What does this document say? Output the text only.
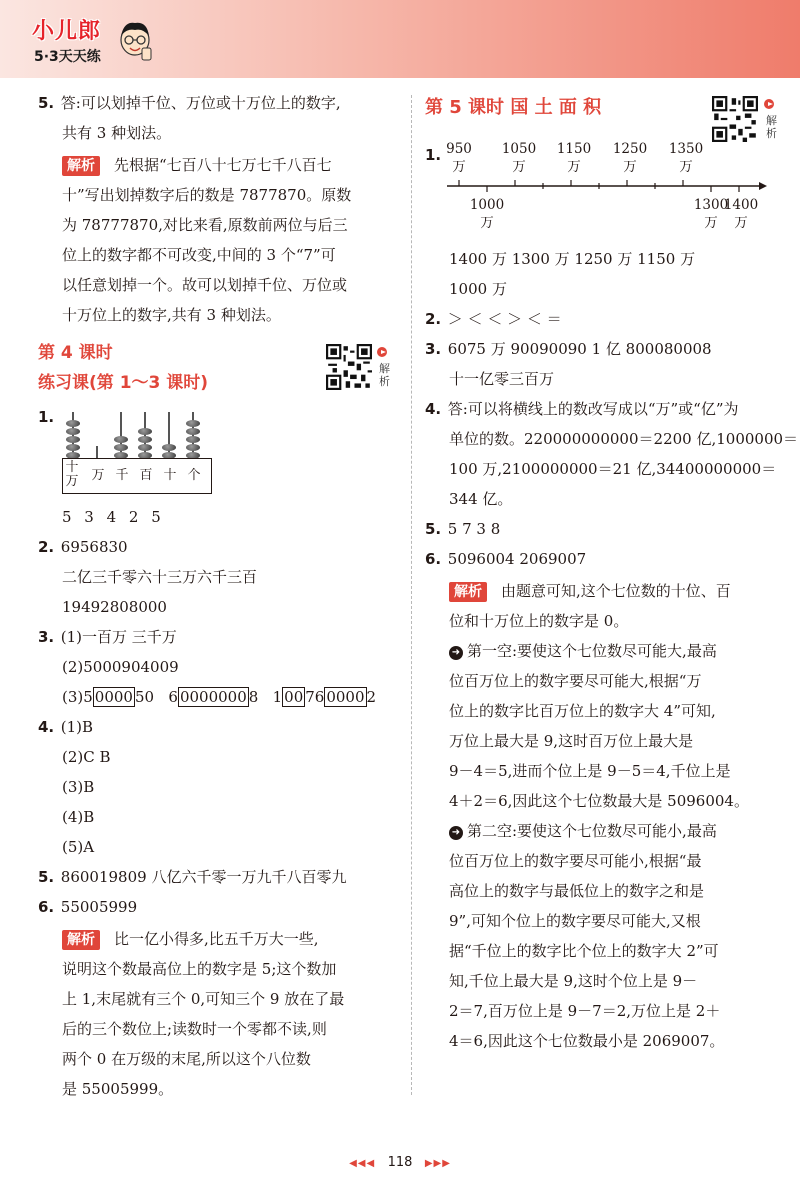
小儿郎
5·3天天练
5. 答:可以划掉千位、万位或十万位上的数字,
共有 3 种划法。
解析 先根据“七百八十七万七千八百七
十”写出划掉数字后的数是 7877870。原数
为 78777870,对比来看,原数前两位与后三
位上的数字都不可改变,中间的 3 个“7”可
以任意划掉一个。故可以划掉千位、万位或
十万位上的数字,共有 3 种划法。
第 4 课时
练习课(第 1～3 课时)
1.
十万 万 千 百 十 个
5 3 4 2 5
2. 6956830
二亿三千零六十三万六千三百
19492808000
3. (1)一百万 三千万
(2)5000904009
(3)5 0000 50 6 0000000 8 1 00 76 0000 2
4. (1)B
(2)C B
(3)B
(4)B
(5)A
5. 860019809 八亿六千零一万九千八百零九
6. 55005999
解析 比一亿小得多,比五千万大一些,
说明这个数最高位上的数字是 5;这个数加
上 1,末尾就有三个 0,可知三个 9 放在了最
后的三个数位上;读数时一个零都不读,则
两个 0 在万级的末尾,所以这个八位数
是 55005999。
解析
第 5 课时 国 土 面 积
1. 950
万
1050
万
1150
万
1250
万
1350
万
1000
万
1300
万
1400
万
1400 万 1300 万 1250 万 1150 万
1000 万
2. ＞ ＜ ＜ ＞ ＜ ＝
3. 6075 万 90090090 1 亿 800080008
十一亿零三百万
4. 答:可以将横线上的数改写成以“万”或“亿”为
单位的数。220000000000＝2200 亿,1000000＝
100 万,2100000000＝21 亿,34400000000＝
344 亿。
5. 5 7 3 8
6. 5096004 2069007
解析 由题意可知,这个七位数的十位、百
位和十万位上的数字是 0。
➜ 第一空:要使这个七位数尽可能大,最高
位百万位上的数字要尽可能大,根据“万
位上的数字比百万位上的数字大 4”可知,
万位上最大是 9,这时百万位上最大是
9－4＝5,进而个位上是 9－5＝4,千位上是
4＋2＝6,因此这个七位数最大是 5096004。
➜ 第二空:要使这个七位数尽可能小,最高
位百万位上的数字要尽可能小,根据“最
高位上的数字与最低位上的数字之和是
9”,可知个位上的数字要尽可能大,又根
据“千位上的数字比个位上的数字大 2”可
知,千位上最大是 9,这时个位上是 9－
2＝7,百万位上是 9－7＝2,万位上是 2＋
4＝6,因此这个七位数最小是 2069007。
解析
◀◀◀ 118 ▶▶▶
